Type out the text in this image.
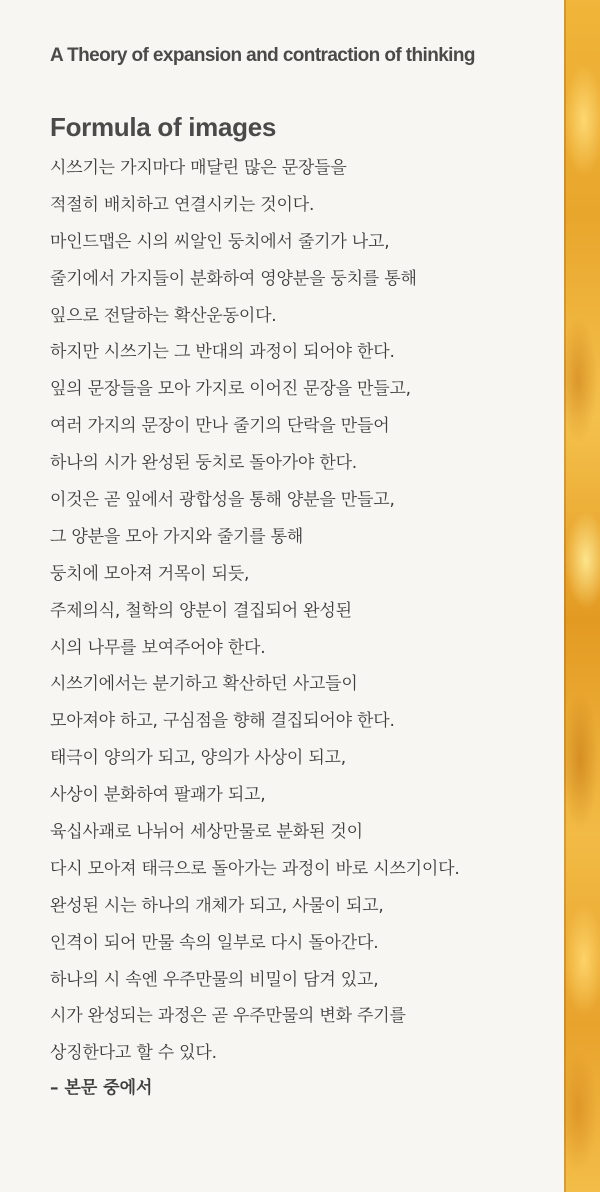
A Theory of expansion and contraction of thinking
Formula of images
시쓰기는 가지마다 매달린 많은 문장들을
적절히 배치하고 연결시키는 것이다.
마인드맵은 시의 씨알인 둥치에서 줄기가 나고,
줄기에서 가지들이 분화하여 영양분을 둥치를 통해
잎으로 전달하는 확산운동이다.
하지만 시쓰기는 그 반대의 과정이 되어야 한다.
잎의 문장들을 모아 가지로 이어진 문장을 만들고,
여러 가지의 문장이 만나 줄기의 단락을 만들어
하나의 시가 완성된 둥치로 돌아가야 한다.
이것은 곧 잎에서 광합성을 통해 양분을 만들고,
그 양분을 모아 가지와 줄기를 통해
둥치에 모아져 거목이 되듯,
주제의식, 철학의 양분이 결집되어 완성된
시의 나무를 보여주어야 한다.
시쓰기에서는 분기하고 확산하던 사고들이
모아져야 하고, 구심점을 향해 결집되어야 한다.
태극이 양의가 되고, 양의가 사상이 되고,
사상이 분화하여 팔괘가 되고,
육십사괘로 나뉘어 세상만물로 분화된 것이
다시 모아져 태극으로 돌아가는 과정이 바로 시쓰기이다.
완성된 시는 하나의 개체가 되고, 사물이 되고,
인격이 되어 만물 속의 일부로 다시 돌아간다.
하나의 시 속엔 우주만물의 비밀이 담겨 있고,
시가 완성되는 과정은 곧 우주만물의 변화 주기를
상징한다고 할 수 있다.

– 본문 중에서
